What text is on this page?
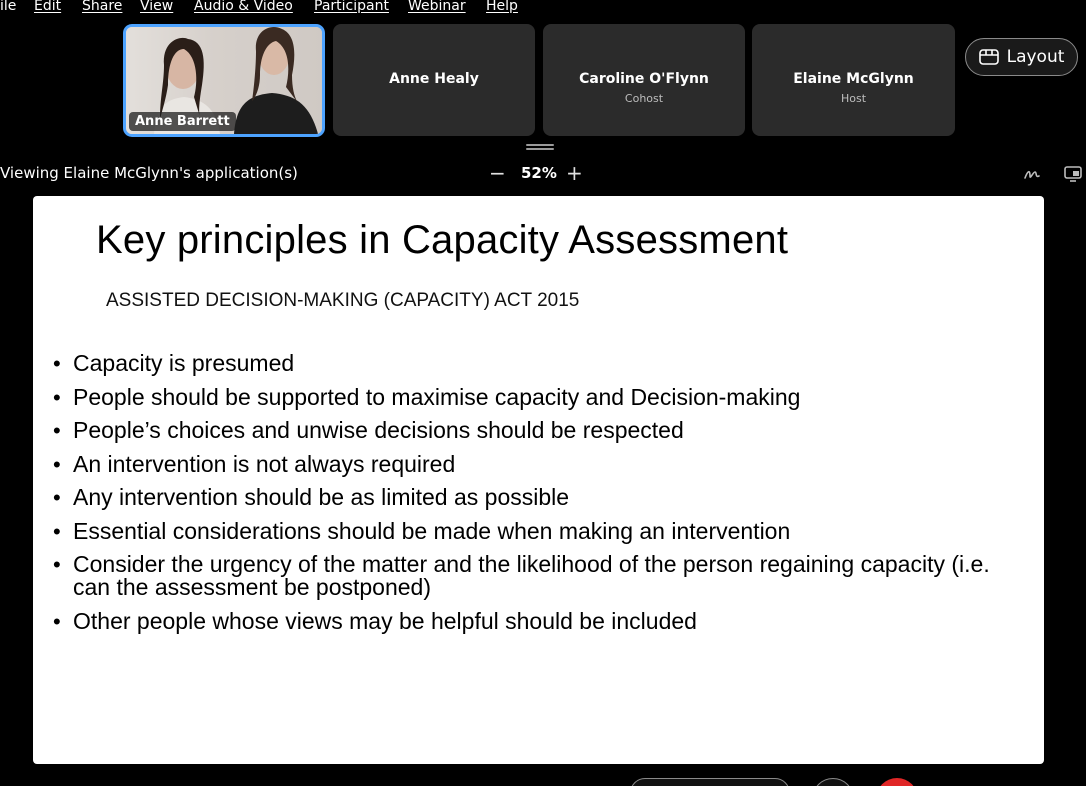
ile Edit Share View Audio & Video Participant Webinar Help
Anne Barrett
Anne Healy	Caroline O'Flynn
Cohost
Elaine McGlynn
Host
Layout
Viewing Elaine McGlynn's application(s)	− 52% +
Key principles in Capacity Assessment
ASSISTED DECISION-MAKING (CAPACITY) ACT 2015
• Capacity is presumed
• People should be supported to maximise capacity and Decision-making
• People’s choices and unwise decisions should be respected
• An intervention is not always required
• Any intervention should be as limited as possible
• Essential considerations should be made when making an intervention
• Consider the urgency of the matter and the likelihood of the person regaining capacity (i.e. can the assessment be postponed)
• Other people whose views may be helpful should be included
